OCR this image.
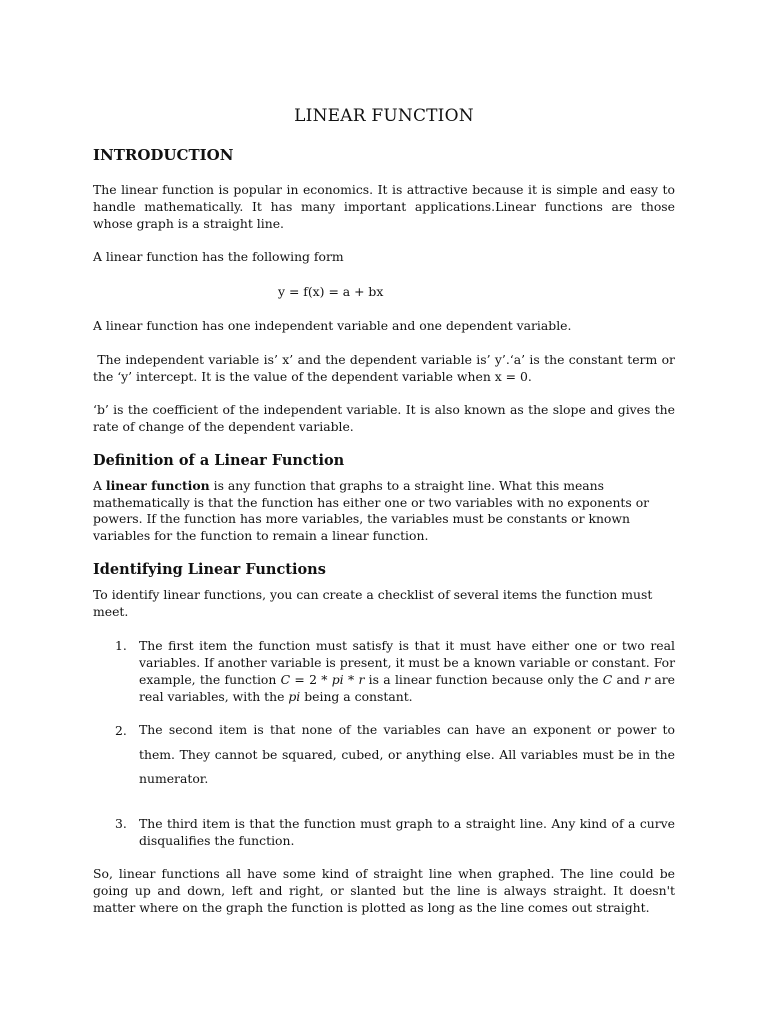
LINEAR FUNCTION
INTRODUCTION

The linear function is popular in economics. It is attractive because it is simple and easy to handle mathematically. It has many important applications.Linear functions are those whose graph is a straight line.

A linear function has the following form

y = f(x) = a + bx

A linear function has one independent variable and one dependent variable.

The independent variable is’ x’ and the dependent variable is’ y’.‘a’ is the constant term or the ‘y’ intercept. It is the value of the dependent variable when x = 0.

‘b’ is the coefficient of the independent variable. It is also known as the slope and gives the rate of change of the dependent variable.

Definition of a Linear Function

A linear function is any function that graphs to a straight line. What this means mathematically is that the function has either one or two variables with no exponents or powers. If the function has more variables, the variables must be constants or known variables for the function to remain a linear function.

Identifying Linear Functions

To identify linear functions, you can create a checklist of several items the function must meet.

1. The first item the function must satisfy is that it must have either one or two real variables. If another variable is present, it must be a known variable or constant. For example, the function C = 2 * pi * r is a linear function because only the C and r are real variables, with the pi being a constant.

2. The second item is that none of the variables can have an exponent or power to them. They cannot be squared, cubed, or anything else. All variables must be in the numerator.

3. The third item is that the function must graph to a straight line. Any kind of a curve disqualifies the function.

So, linear functions all have some kind of straight line when graphed. The line could be going up and down, left and right, or slanted but the line is always straight. It doesn't matter where on the graph the function is plotted as long as the line comes out straight.
